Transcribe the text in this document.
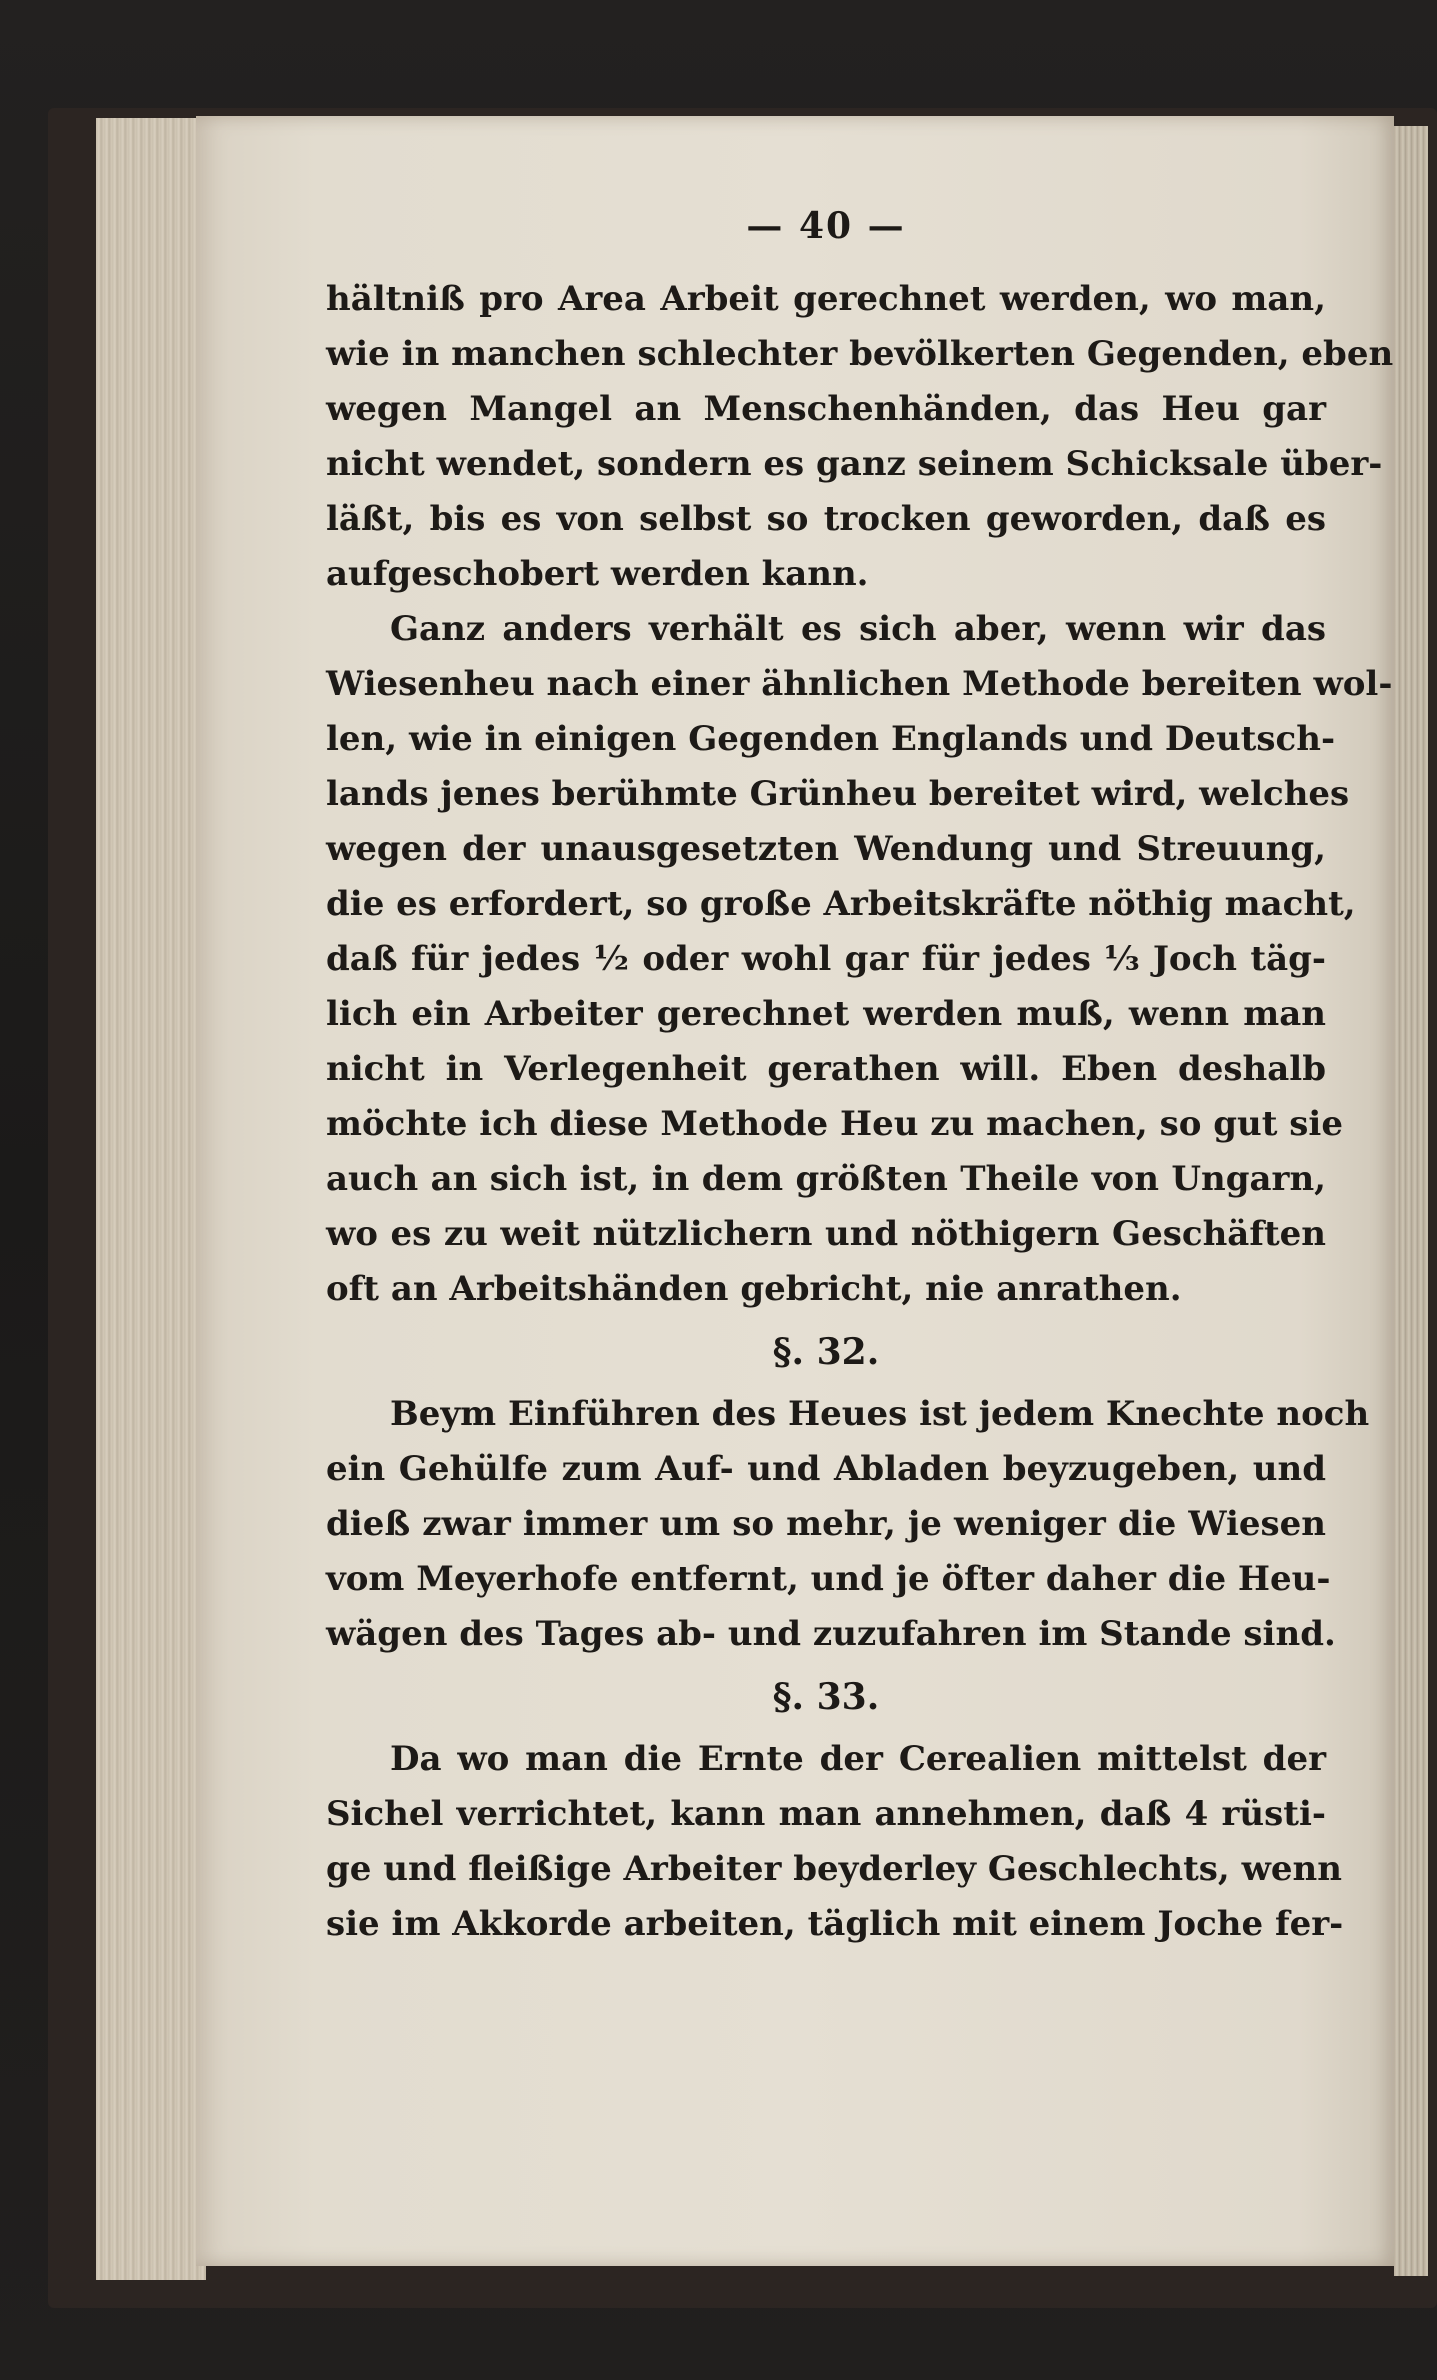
— 40 —
hältniß pro Area Arbeit gerechnet werden, wo man,
wie in manchen schlechter bevölkerten Gegenden, eben
wegen Mangel an Menschenhänden, das Heu gar
nicht wendet, sondern es ganz seinem Schicksale über-
läßt, bis es von selbst so trocken geworden, daß es
aufgeschobert werden kann.
Ganz anders verhält es sich aber, wenn wir das
Wiesenheu nach einer ähnlichen Methode bereiten wol-
len, wie in einigen Gegenden Englands und Deutsch-
lands jenes berühmte Grünheu bereitet wird, welches
wegen der unausgesetzten Wendung und Streuung,
die es erfordert, so große Arbeitskräfte nöthig macht,
daß für jedes ½ oder wohl gar für jedes ⅓ Joch täg-
lich ein Arbeiter gerechnet werden muß, wenn man
nicht in Verlegenheit gerathen will. Eben deshalb
möchte ich diese Methode Heu zu machen, so gut sie
auch an sich ist, in dem größten Theile von Ungarn,
wo es zu weit nützlichern und nöthigern Geschäften
oft an Arbeitshänden gebricht, nie anrathen.
§. 32.
Beym Einführen des Heues ist jedem Knechte noch
ein Gehülfe zum Auf- und Abladen beyzugeben, und
dieß zwar immer um so mehr, je weniger die Wiesen
vom Meyerhofe entfernt, und je öfter daher die Heu-
wägen des Tages ab- und zuzufahren im Stande sind.
§. 33.
Da wo man die Ernte der Cerealien mittelst der
Sichel verrichtet, kann man annehmen, daß 4 rüsti-
ge und fleißige Arbeiter beyderley Geschlechts, wenn
sie im Akkorde arbeiten, täglich mit einem Joche fer-
